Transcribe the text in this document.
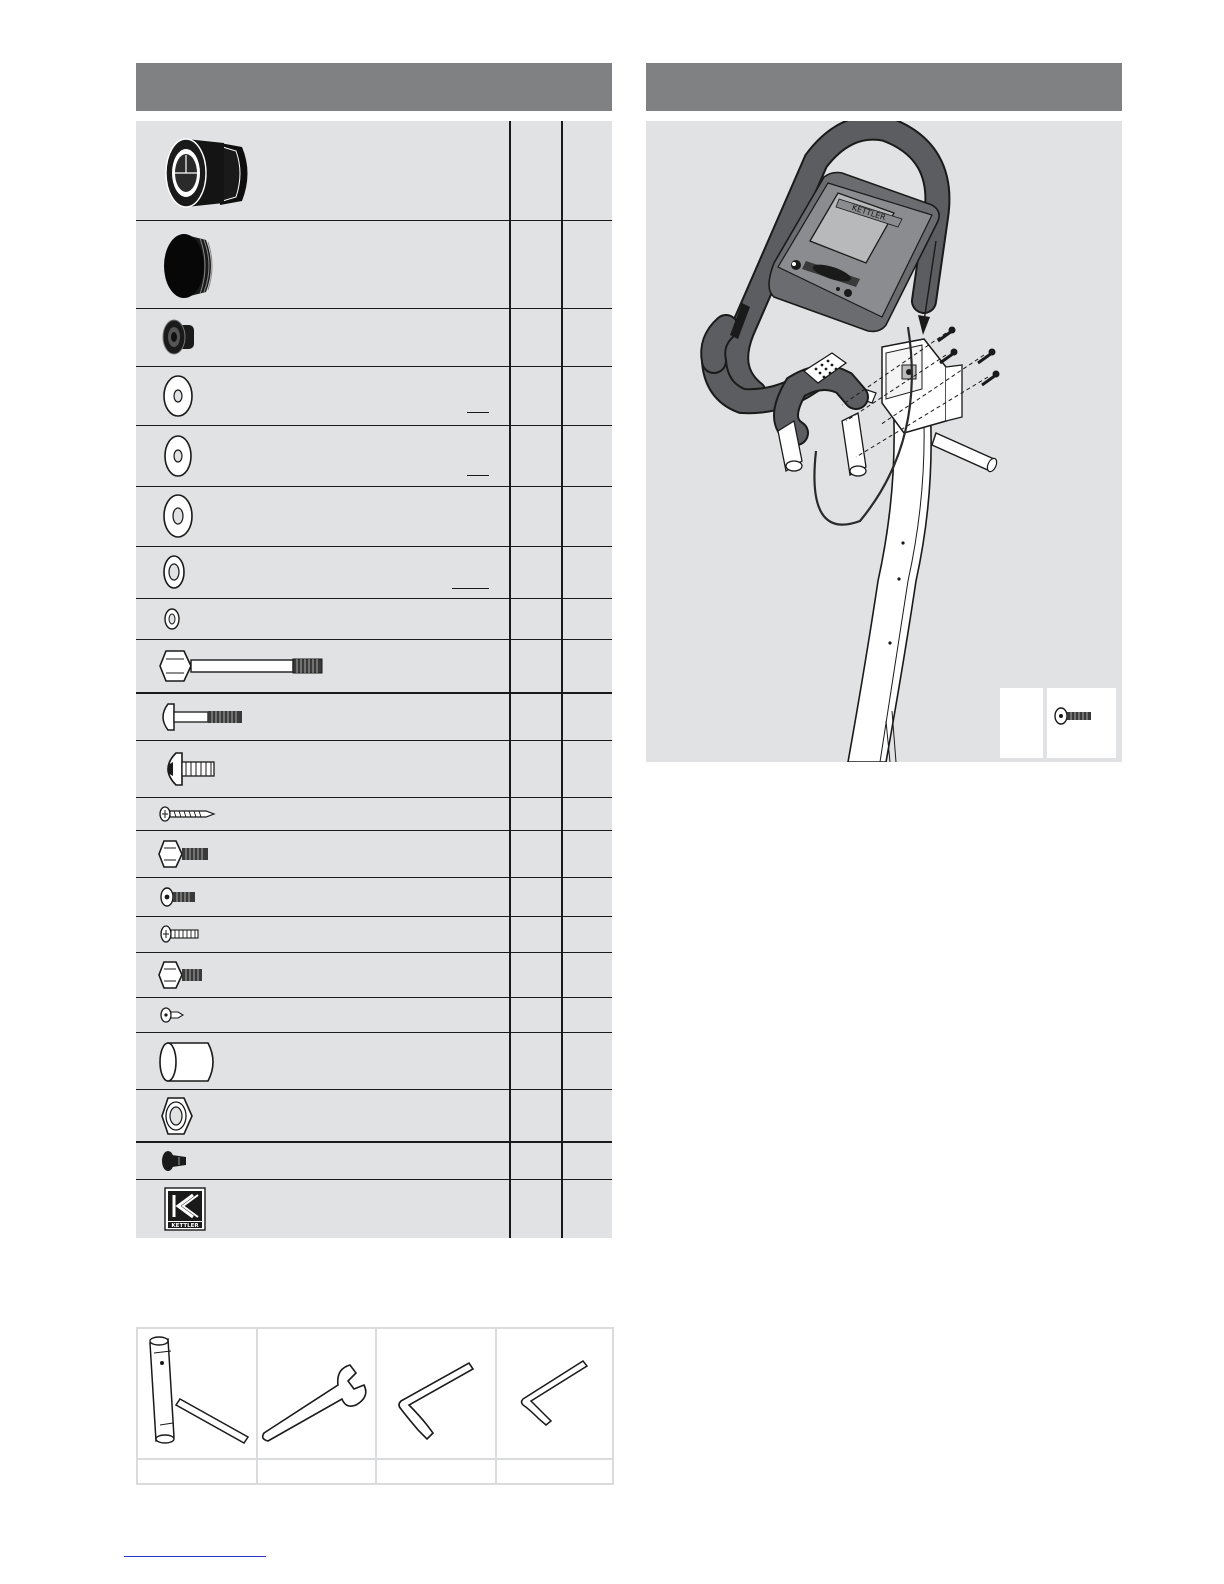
KETTLER
KETTLER
